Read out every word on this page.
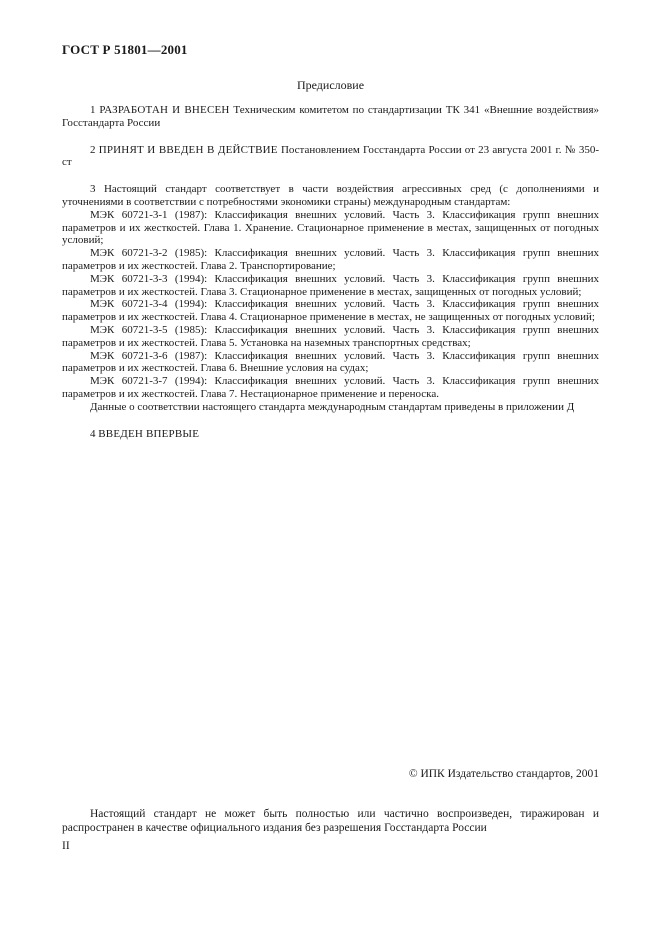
ГОСТ Р 51801—2001
Предисловие

1 РАЗРАБОТАН И ВНЕСЕН Техническим комитетом по стандартизации ТК 341 «Внешние воздействия» Госстандарта России

2 ПРИНЯТ И ВВЕДЕН В ДЕЙСТВИЕ Постановлением Госстандарта России от 23 августа 2001 г. № 350-ст

3 Настоящий стандарт соответствует в части воздействия агрессивных сред (с дополнениями и уточнениями в соответствии с потребностями экономики страны) международным стандартам:

МЭК 60721-3-1 (1987): Классификация внешних условий. Часть 3. Классификация групп внешних параметров и их жесткостей. Глава 1. Хранение. Стационарное применение в местах, защищенных от погодных условий;

МЭК 60721-3-2 (1985): Классификация внешних условий. Часть 3. Классификация групп внешних параметров и их жесткостей. Глава 2. Транспортирование;

МЭК 60721-3-3 (1994): Классификация внешних условий. Часть 3. Классификация групп внешних параметров и их жесткостей. Глава 3. Стационарное применение в местах, защищенных от погодных условий;

МЭК 60721-3-4 (1994): Классификация внешних условий. Часть 3. Классификация групп внешних параметров и их жесткостей. Глава 4. Стационарное применение в местах, не защищенных от погодных условий;

МЭК 60721-3-5 (1985): Классификация внешних условий. Часть 3. Классификация групп внешних параметров и их жесткостей. Глава 5. Установка на наземных транспортных средствах;

МЭК 60721-3-6 (1987): Классификация внешних условий. Часть 3. Классификация групп внешних параметров и их жесткостей. Глава 6. Внешние условия на судах;

МЭК 60721-3-7 (1994): Классификация внешних условий. Часть 3. Классификация групп внешних параметров и их жесткостей. Глава 7. Нестационарное применение и переноска.

Данные о соответствии настоящего стандарта международным стандартам приведены в приложении Д

4 ВВЕДЕН ВПЕРВЫЕ

© ИПК Издательство стандартов, 2001

Настоящий стандарт не может быть полностью или частично воспроизведен, тиражирован и распространен в качестве официального издания без разрешения Госстандарта России

II
